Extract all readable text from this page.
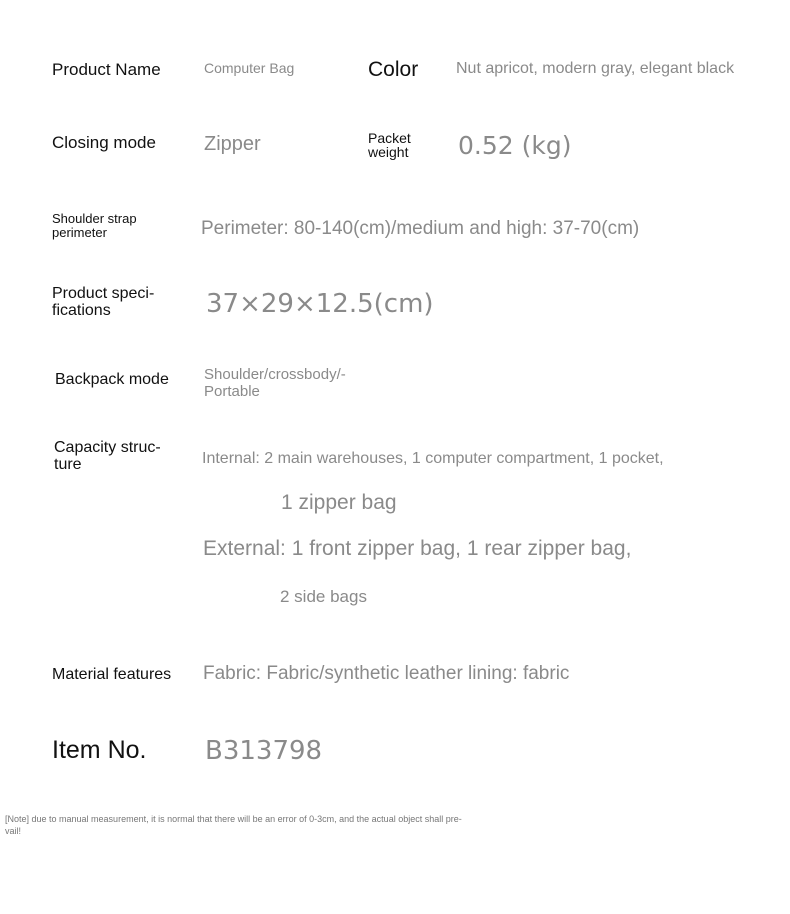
Product Name	Computer Bag	Color Nut apricot, modern gray, elegant black
Closing mode Zipper	Packet
weight 0.52 (kg)
Shoulder strap
perimeter	Perimeter: 80-140(cm)/medium and high: 37-70(cm)
Product speci-
fications	37×29×12.5(cm)
Backpack mode Shoulder/crossbody/-
Portable
Capacity struc-
ture	Internal: 2 main warehouses, 1 computer compartment, 1 pocket,
1 zipper bag
External: 1 front zipper bag, 1 rear zipper bag,
2 side bags
Material features Fabric: Fabric/synthetic leather lining: fabric
Item No. B313798
[Note] due to manual measurement, it is normal that there will be an error of 0-3cm, and the actual object shall pre-
vail!
